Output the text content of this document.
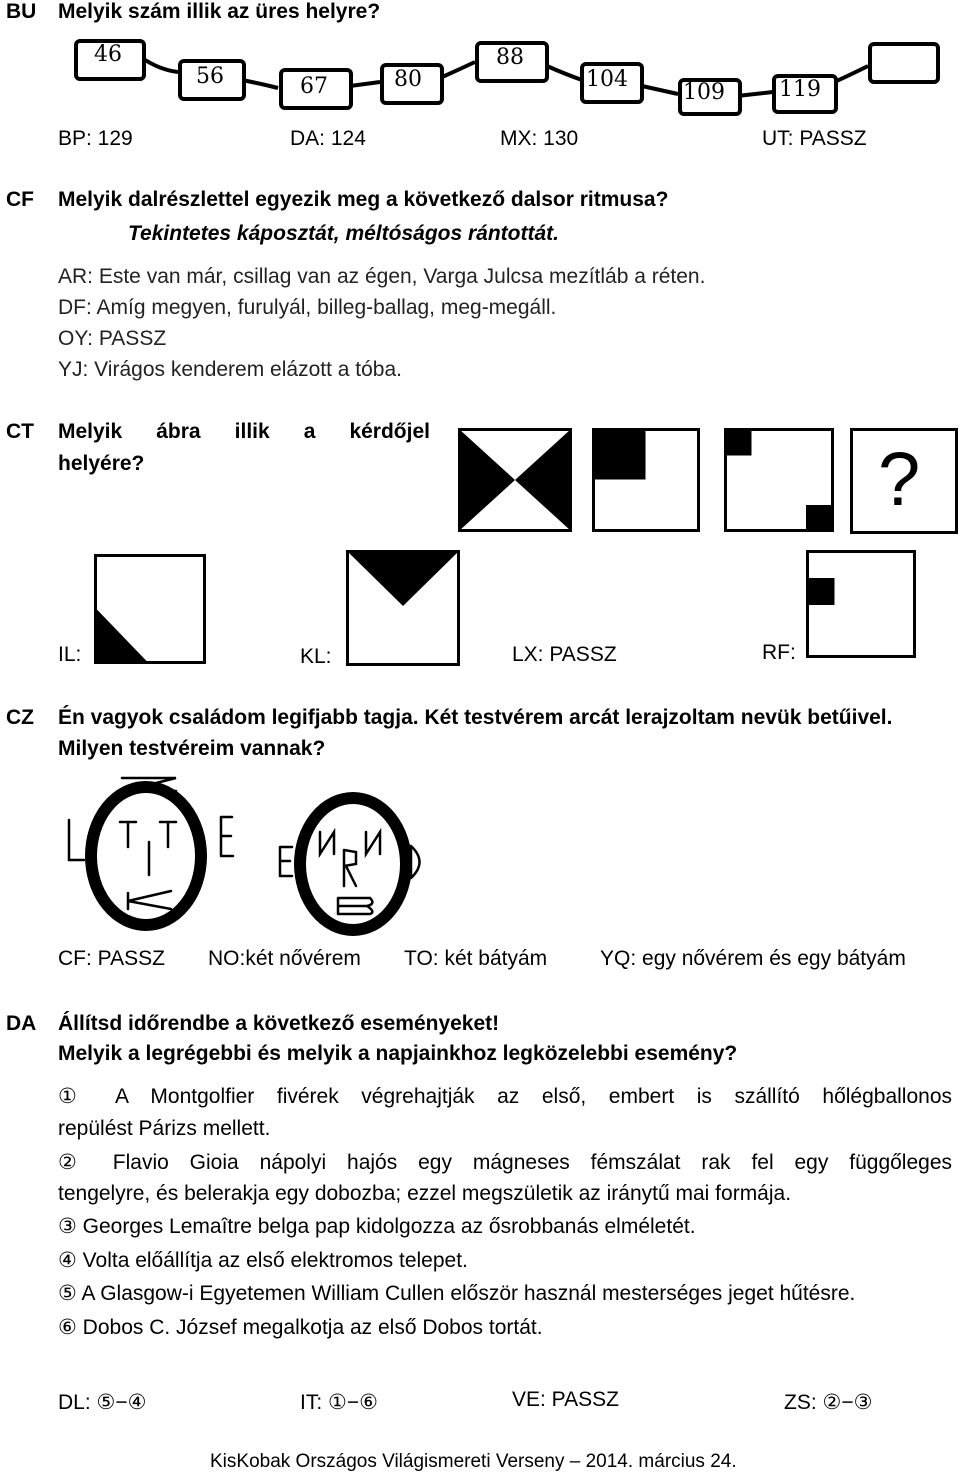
BU Melyik szám illik az üres helyre?
46
56	67	80
88
104
109 119
BP: 129	DA: 124	MX: 130	UT: PASSZ
CF Melyik dalrészlettel egyezik meg a következő dalsor ritmusa?
Tekintetes káposztát, méltóságos rántottát.
AR: Este van már, csillag van az égen, Varga Julcsa mezítláb a réten.
DF: Amíg megyen, furulyál, billeg-ballag, meg-megáll.
OY: PASSZ
YJ: Virágos kenderem elázott a tóba.
CT Melyik ábra illik a kérdőjel
helyére?	?
IL:	KL:	LX: PASSZ	RF:
CZ Én vagyok családom legifjabb tagja. Két testvérem arcát lerajzoltam nevük betűivel.
Milyen testvéreim vannak?
CF: PASSZ NO:két nővérem TO: két bátyám	YQ: egy nővérem és egy bátyám
DA Állítsd időrendbe a következő eseményeket!
Melyik a legrégebbi és melyik a napjainkhoz legközelebbi esemény?
① A Montgolfier fivérek végrehajtják az első, embert is szállító hőlégballonos
repülést Párizs mellett.
② Flavio Gioia nápolyi hajós egy mágneses fémszálat rak fel egy függőleges
tengelyre, és belerakja egy dobozba; ezzel megszületik az iránytű mai formája.
③ Georges Lemaître belga pap kidolgozza az ősrobbanás elméletét.
④ Volta előállítja az első elektromos telepet.
⑤ A Glasgow-i Egyetemen William Cullen először használ mesterséges jeget hűtésre.
⑥ Dobos C. József megalkotja az első Dobos tortát.
DL: ⑤−④	IT: ①−⑥	VE: PASSZ	ZS: ②−③
KisKobak Országos Világismereti Verseny – 2014. március 24.
